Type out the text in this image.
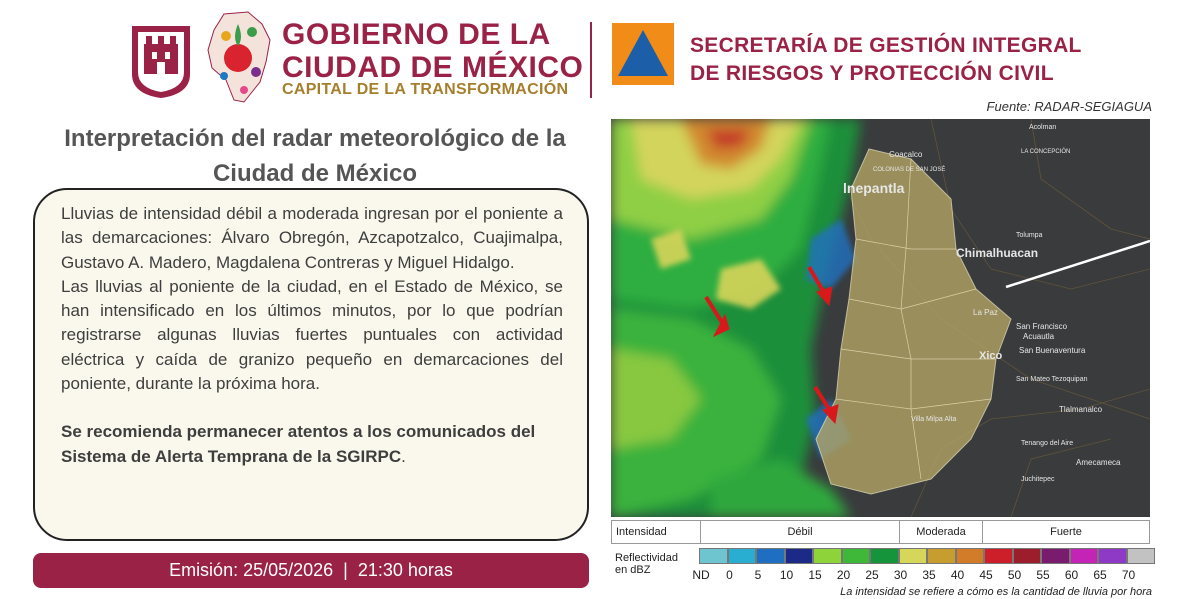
GOBIERNO DE LA
CIUDAD DE MÉXICO
CAPITAL DE LA TRANSFORMACIÓN
SECRETARÍA DE GESTIÓN INTEGRAL
DE RIESGOS Y PROTECCIÓN CIVIL
Fuente: RADAR-SEGIAGUA
Interpretación del radar meteorológico de la
Ciudad de México

Lluvias de intensidad débil a moderada ingresan por el poniente a las demarcaciones: Álvaro Obregón, Azcapotzalco, Cuajimalpa, Gustavo A. Madero, Magdalena Contreras y Miguel Hidalgo.

Las lluvias al poniente de la ciudad, en el Estado de México, se han intensificado en los últimos minutos, por lo que podrían registrarse algunas lluvias fuertes puntuales con actividad eléctrica y caída de granizo pequeño en demarcaciones del poniente, durante la próxima hora.

Se recomienda permanecer atentos a los comunicados del Sistema de Alerta Temprana de la SGIRPC.

Emisión: 25/05/2026  |  21:30 horas
Coacalco
lnepantla
Chimalhuacan
La Paz
San Francisco
Acuautla
San Buenaventura
Xico
San Mateo Tezoquipan
Tlalmanalco
Villa Milpa Alta
Tenango del Aire
Amecameca
Juchitepec
Tolumpa
Acolman
LA CONCEPCIÓN
COLONIAS DE SAN JOSÉ
Intensidad	Débil	Moderada	Fuerte
Reflectividad
en dBZ	ND	0	5	10	15	20	25	30	35	40	45	50	55	60	65	70
La intensidad se refiere a cómo es la cantidad de lluvia por hora
